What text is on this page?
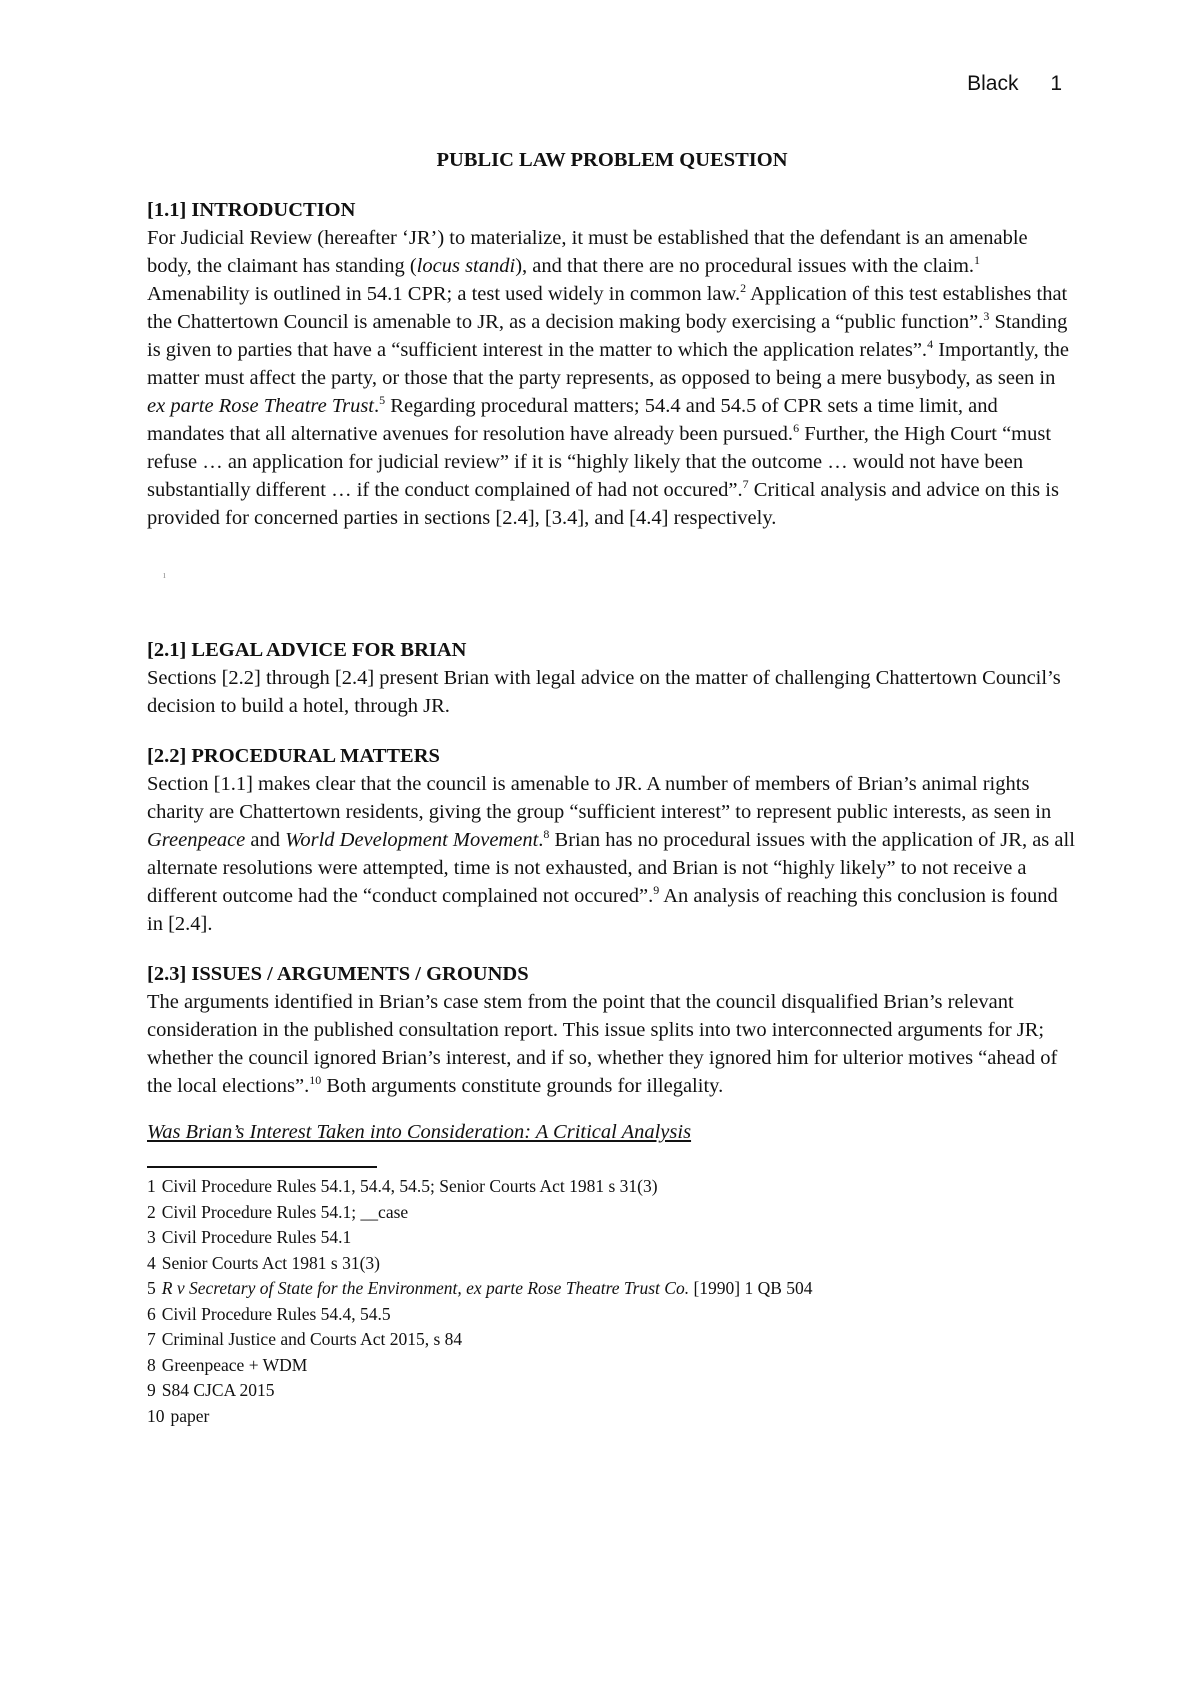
Black 1

PUBLIC LAW PROBLEM QUESTION

[1.1] INTRODUCTION

For Judicial Review (hereafter ‘JR’) to materialize, it must be established that the defendant is an amenable body, the claimant has standing (locus standi), and that there are no procedural issues with the claim.$^1$ Amenability is outlined in 54.1 CPR; a test used widely in common law.$^2$ Application of this test establishes that the Chattertown Council is amenable to JR, as a decision making body exercising a “public function”.$^3$ Standing is given to parties that have a “sufficient interest in the matter to which the application relates”.$^4$ Importantly, the matter must affect the party, or those that the party represents, as opposed to being a mere busybody, as seen in ex parte Rose Theatre Trust.$^5$ Regarding procedural matters; 54.4 and 54.5 of CPR sets a time limit, and mandates that all alternative avenues for resolution have already been pursued.$^6$ Further, the High Court “must refuse … an application for judicial review” if it is “highly likely that the outcome … would not have been substantially different … if the conduct complained of had not occured”.$^7$ Critical analysis and advice on this is provided for concerned parties in sections [2.4], [3.4], and [4.4] respectively.

ı

[2.1] LEGAL ADVICE FOR BRIAN

Sections [2.2] through [2.4] present Brian with legal advice on the matter of challenging Chattertown Council’s decision to build a hotel, through JR.

[2.2] PROCEDURAL MATTERS

Section [1.1] makes clear that the council is amenable to JR. A number of members of Brian’s animal rights charity are Chattertown residents, giving the group “sufficient interest” to represent public interests, as seen in Greenpeace and World Development Movement.$^8$ Brian has no procedural issues with the application of JR, as all alternate resolutions were attempted, time is not exhausted, and Brian is not “highly likely” to not receive a different outcome had the “conduct complained not occured”.$^9$ An analysis of reaching this conclusion is found in [2.4].

[2.3] ISSUES / ARGUMENTS / GROUNDS

The arguments identified in Brian’s case stem from the point that the council disqualified Brian’s relevant consideration in the published consultation report. This issue splits into two interconnected arguments for JR; whether the council ignored Brian’s interest, and if so, whether they ignored him for ulterior motives “ahead of the local elections”.$^{10}$ Both arguments constitute grounds for illegality.

Was Brian’s Interest Taken into Consideration: A Critical Analysis

1 Civil Procedure Rules 54.1, 54.4, 54.5; Senior Courts Act 1981 s 31(3)

2 Civil Procedure Rules 54.1; __case

3 Civil Procedure Rules 54.1

4 Senior Courts Act 1981 s 31(3)

5 R v Secretary of State for the Environment, ex parte Rose Theatre Trust Co. [1990] 1 QB 504

6 Civil Procedure Rules 54.4, 54.5

7 Criminal Justice and Courts Act 2015, s 84

8 Greenpeace + WDM

9 S84 CJCA 2015

10 paper
